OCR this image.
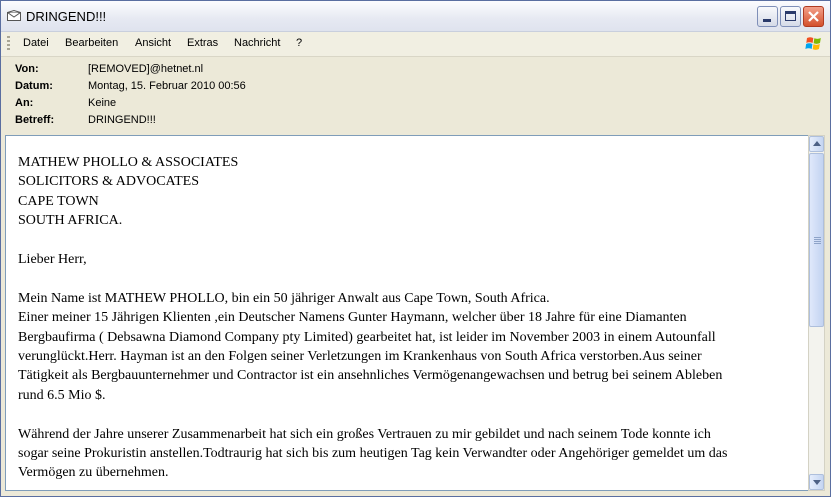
DRINGEND!!!
Datei Bearbeiten Ansicht Extras Nachricht ?
Von:	[REMOVED]@hetnet.nl
Datum:	Montag, 15. Februar 2010 00:56
An:	Keine
Betreff:	DRINGEND!!!

MATHEW PHOLLO & ASSOCIATES

SOLICITORS & ADVOCATES

CAPE TOWN

SOUTH AFRICA.

Lieber Herr,

Mein Name ist MATHEW PHOLLO, bin ein 50 jähriger Anwalt aus Cape Town, South Africa.

Einer meiner 15 Jährigen Klienten ,ein Deutscher Namens Gunter Haymann, welcher über 18 Jahre für eine Diamanten

Bergbaufirma ( Debsawna Diamond Company pty Limited) gearbeitet hat, ist leider im November 2003 in einem Autounfall

verunglückt.Herr. Hayman ist an den Folgen seiner Verletzungen im Krankenhaus von South Africa verstorben.Aus seiner

Tätigkeit als Bergbauunternehmer und Contractor ist ein ansehnliches Vermögenangewachsen und betrug bei seinem Ableben

rund 6.5 Mio $.

Während der Jahre unserer Zusammenarbeit hat sich ein großes Vertrauen zu mir gebildet und nach seinem Tode konnte ich

sogar seine Prokuristin anstellen.Todtraurig hat sich bis zum heutigen Tag kein Verwandter oder Angehöriger gemeldet um das

Vermögen zu übernehmen.
